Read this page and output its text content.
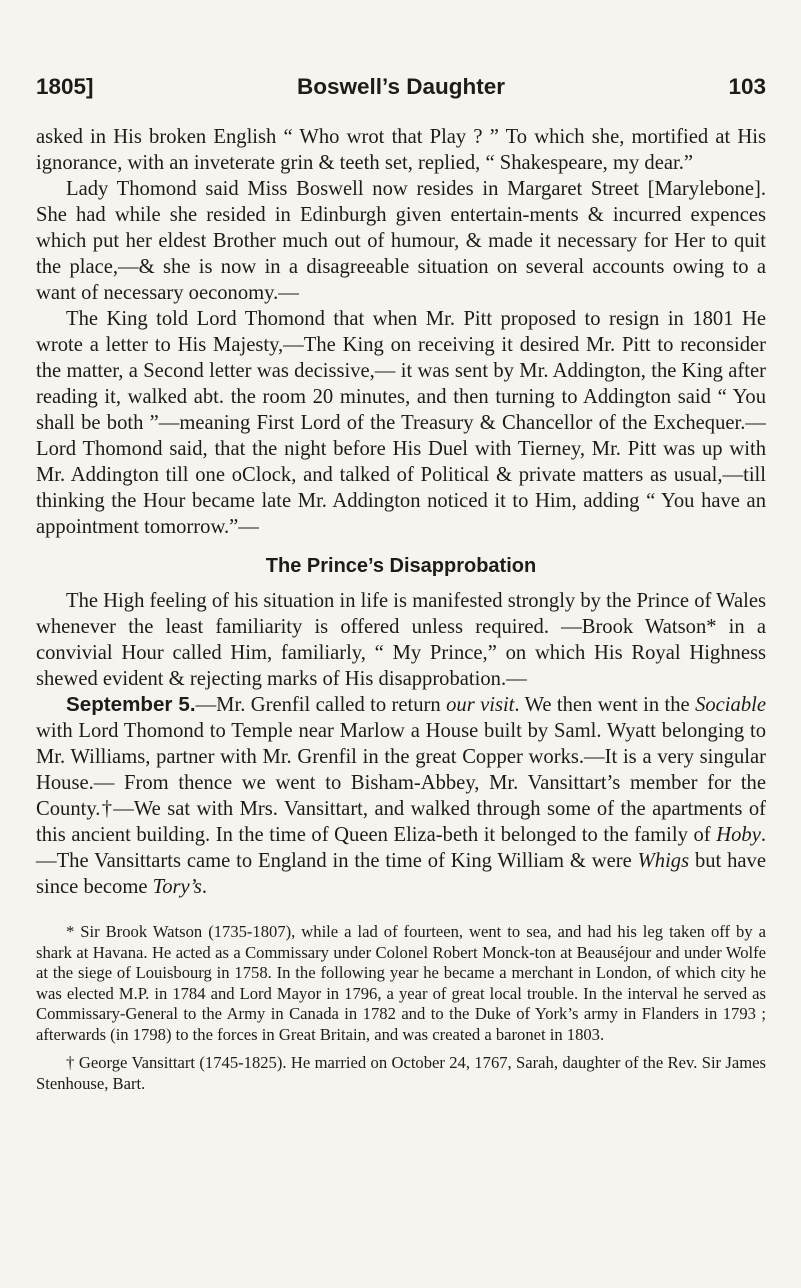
1805]	Boswell’s Daughter	103

asked in His broken English “ Who wrot that Play ? ” To which she, mortified at His ignorance, with an inveterate grin & teeth set, replied, “ Shakespeare, my dear.”

Lady Thomond said Miss Boswell now resides in Margaret Street [Marylebone]. She had while she resided in Edinburgh given entertain-ments & incurred expences which put her eldest Brother much out of humour, & made it necessary for Her to quit the place,—& she is now in a disagreeable situation on several accounts owing to a want of necessary oeconomy.—

The King told Lord Thomond that when Mr. Pitt proposed to resign in 1801 He wrote a letter to His Majesty,—The King on receiving it desired Mr. Pitt to reconsider the matter, a Second letter was decissive,— it was sent by Mr. Addington, the King after reading it, walked abt. the room 20 minutes, and then turning to Addington said “ You shall be both ”—meaning First Lord of the Treasury & Chancellor of the Exchequer.—Lord Thomond said, that the night before His Duel with Tierney, Mr. Pitt was up with Mr. Addington till one oClock, and talked of Political & private matters as usual,—till thinking the Hour became late Mr. Addington noticed it to Him, adding “ You have an appointment tomorrow.”—

The Prince’s Disapprobation

The High feeling of his situation in life is manifested strongly by the Prince of Wales whenever the least familiarity is offered unless required. —Brook Watson* in a convivial Hour called Him, familiarly, “ My Prince,” on which His Royal Highness shewed evident & rejecting marks of His disapprobation.—

September 5.—Mr. Grenfil called to return our visit. We then went in the Sociable with Lord Thomond to Temple near Marlow a House built by Saml. Wyatt belonging to Mr. Williams, partner with Mr. Grenfil in the great Copper works.—It is a very singular House.— From thence we went to Bisham-Abbey, Mr. Vansittart’s member for the County.†—We sat with Mrs. Vansittart, and walked through some of the apartments of this ancient building. In the time of Queen Eliza-beth it belonged to the family of Hoby.—The Vansittarts came to England in the time of King William & were Whigs but have since become Tory’s.

* Sir Brook Watson (1735-1807), while a lad of fourteen, went to sea, and had his leg taken off by a shark at Havana. He acted as a Commissary under Colonel Robert Monck-ton at Beauséjour and under Wolfe at the siege of Louisbourg in 1758. In the following year he became a merchant in London, of which city he was elected M.P. in 1784 and Lord Mayor in 1796, a year of great local trouble. In the interval he served as Commissary-General to the Army in Canada in 1782 and to the Duke of York’s army in Flanders in 1793 ; afterwards (in 1798) to the forces in Great Britain, and was created a baronet in 1803.

† George Vansittart (1745-1825). He married on October 24, 1767, Sarah, daughter of the Rev. Sir James Stenhouse, Bart.
